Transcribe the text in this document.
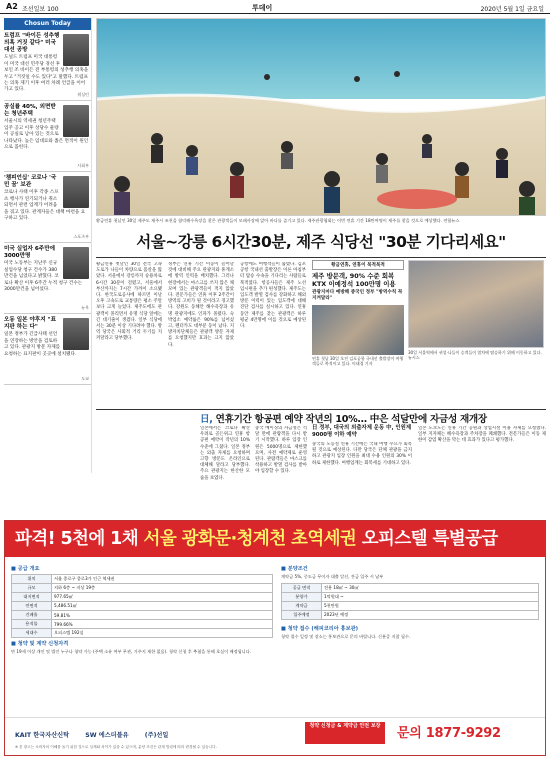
A2 조선일보 100	투데이	2020년 5월 1일 금요일
Chosun Today
트럼프 "바이든 성추행 의혹 거짓 같다" 미국 대선 공방

도널드 트럼프 미국 대통령이 미국 대선 민주당 경선 후보인 조 바이든 전 부통령의 성추행 의혹을 두고 "거짓일 수도 있다"고 말했다. 트럼프는 의혹 제기 이후 여러 차례 언급을 이어가고 있다.

워싱턴
공실률 40%, 외면받는 청년주택

서울시의 역세권 청년주택 입주 공고 이후 상당수 물량이 공실로 남아 있는 것으로 나타났다. 높은 임대료와 좁은 면적이 원인으로 꼽힌다.

사회부
'챔피언십' 코로나 '국민 꿈' 보관

코로나 사태 이후 각종 스포츠 행사가 연기되거나 취소되면서 관련 업계가 어려움을 겪고 있다. 관계자들은 대책 마련을 요구하고 있다.

스포츠부
미국 실업자 6주만에 3000만명

미국 노동부는 지난주 신규 실업수당 청구 건수가 380만건을 넘었다고 밝혔다. 코로나 확산 이후 6주간 누적 청구 건수는 3000만건을 넘어섰다.

뉴욕
오동 일본 야후지 "표지판 하는 다"

일본 정부가 긴급사태 선언을 연장하는 방안을 검토하고 있다. 관광지 방문 자제를 요청하는 표지판이 곳곳에 설치됐다.

도쿄
황금연휴 첫날인 30일 제주도 제주시 조천읍 함덕해수욕장을 찾은 관광객들이 모래사장에 앉아 바다를 즐기고 있다. 제주관광협회는 이번 연휴 기간 18만여명이 제주를 찾을 것으로 예상했다. 연합뉴스
서울~강릉 6시간30분, 제주 식당선 "30분 기다리세요"
황금연휴 첫날인 30일 전국 고속도로가 나들이 차량으로 몸살을 앓았다. 서울에서 강릉까지 승용차로 6시간 30분이 걸렸고, 서울에서 부산까지는 7시간 가까이 소요됐다. 한국도로공사에 따르면 이날 오후 고속도로 교통량은 평소 주말보다 크게 늘었다. 제주도에도 관광객이 몰리면서 유명 식당 앞에는 긴 대기줄이 생겼다. 일부 식당에서는 30분 이상 기다려야 했다. 방역 당국은 사회적 거리 두기를 지켜달라고 당부했다.
정부는 연휴 기간 이동이 늘어날 것에 대비해 주요 관광지와 휴게소에 방역 인력을 배치했다. 그러나 현장에서는 마스크를 쓰지 않은 채 모여 있는 관광객들이 적지 않았다. 전문가들은 연휴 이후 2주간이 방역의 고비가 될 것이라고 경고했다. 강원도 동해안 해수욕장과 유명 관광지에도 인파가 몰렸다. 숙박업소 예약률은 90%를 넘어섰고, 렌터카도 대부분 동이 났다. 지방자치단체들은 관광객 방문 자제를 요청했지만 효과는 크지 않았다.
공항에도 여행객들이 붐볐다. 김포공항 국내선 출발장은 이른 아침부터 탑승 수속을 기다리는 사람들로 북적였다. 항공사들은 제주 노선 임시편을 추가 편성했다. 제주도는 입도객 발열 검사를 강화하고 해외 방문 이력이 있는 입도객에 대해 진단 검사를 실시하고 있다. 연휴 동안 제주를 찾는 관광객은 하루 평균 4만명에 이를 것으로 예상된다.
황금연휴, 연휴이 북적북적
제주 방문객, 90% 수준 회복 KTX 이예정석 100만명 이용
관광지마다 예방해 중국인 정부 "방역수칙 꼭 지켜달라"
연휴 첫날 30일 오전 김포공항 국내선 출발장이 여행객들로 북적이고 있다. 이태경 기자
30일 서울역에서 귀성·나들이 승객들이 열차에 탑승하기 위해 이동하고 있다. 뉴시스
日, 연휴기간 항공편 예약 작년의 10%… 中은 석달만에 자금성 재개장
일본에서는 코로나 확산 우려로 골든위크 연휴 항공편 예약이 작년의 10% 수준에 그쳤다. 일본 정부는 외출 자제를 요청하며 고향 방문도 온라인으로 대체해 달라고 당부했다. 주요 관광지는 한산한 모습을 보였다.
중국 베이징의 자금성은 석 달 만에 관람객을 다시 받기 시작했다. 하루 입장 인원은 5000명으로 제한했으며, 사전 예약제로 운영된다. 관람객들은 마스크를 착용하고 발열 검사를 받아야 입장할 수 있다.
日 정부, 대국의 외출자제 운동 中, 인원제 9000명 이하 예약
중국의 노동절 연휴 기간에는 국내 여행 수요가 회복될 것으로 예상된다. 다만 당국은 단체 관광을 금지하고 관광지 입장 인원을 최대 수용 인원의 30% 이하로 제한했다. 여행업계는 회복세를 기대하고 있다.
일본 도쿄도는 연휴 기간 공원과 상업시설 이용 자제를 요청했다. 일부 지자체는 해수욕장과 주차장을 폐쇄했다. 전문가들은 이동 제한이 감염 확산을 막는 데 효과가 있다고 평가했다.
파격! 5천에 1채 서울 광화문·청계천 초역세권 오피스텔 특별공급
■ 공급 개요
위치	서울 종로구 종로3가 인근 역세권
규모	지하 6층 ~ 지상 19층
대지면적	977.65㎡
연면적	5,486.51㎡
건폐율	59.81%
용적률	799.66%
세대수	오피스텔 192실
■ 청약 및 계약 신청자격
만 19세 이상 개인 및 법인 누구나 청약 가능 (주택 소유 여부 무관, 거주지 제한 없음). 청약 신청 후 추첨을 통해 호실이 배정됩니다.
■ 분양조건
계약금 5%, 중도금 무이자 대출 알선, 잔금 입주 시 납부
공급 면적	전용 18㎡ ~ 30㎡
분양가	1억원대 ~
계약금	5천만원
입주예정	2023년 예정
■ 청약 접수 (해피코리아 홍보관)
청약 접수 일정 및 장소는 홍보관으로 문의 바랍니다. 신분증 지참 필수.
KAIT 한국자산신탁	SW 에스더블유	(주)선일
청약 신청금 & 계약금 안전 보장	문의 1877-9292
※ 본 광고는 소비자의 이해를 돕기 위한 것으로 실제와 차이가 있을 수 있으며, 분양 조건은 관계 법령에 따라 변경될 수 있습니다.
